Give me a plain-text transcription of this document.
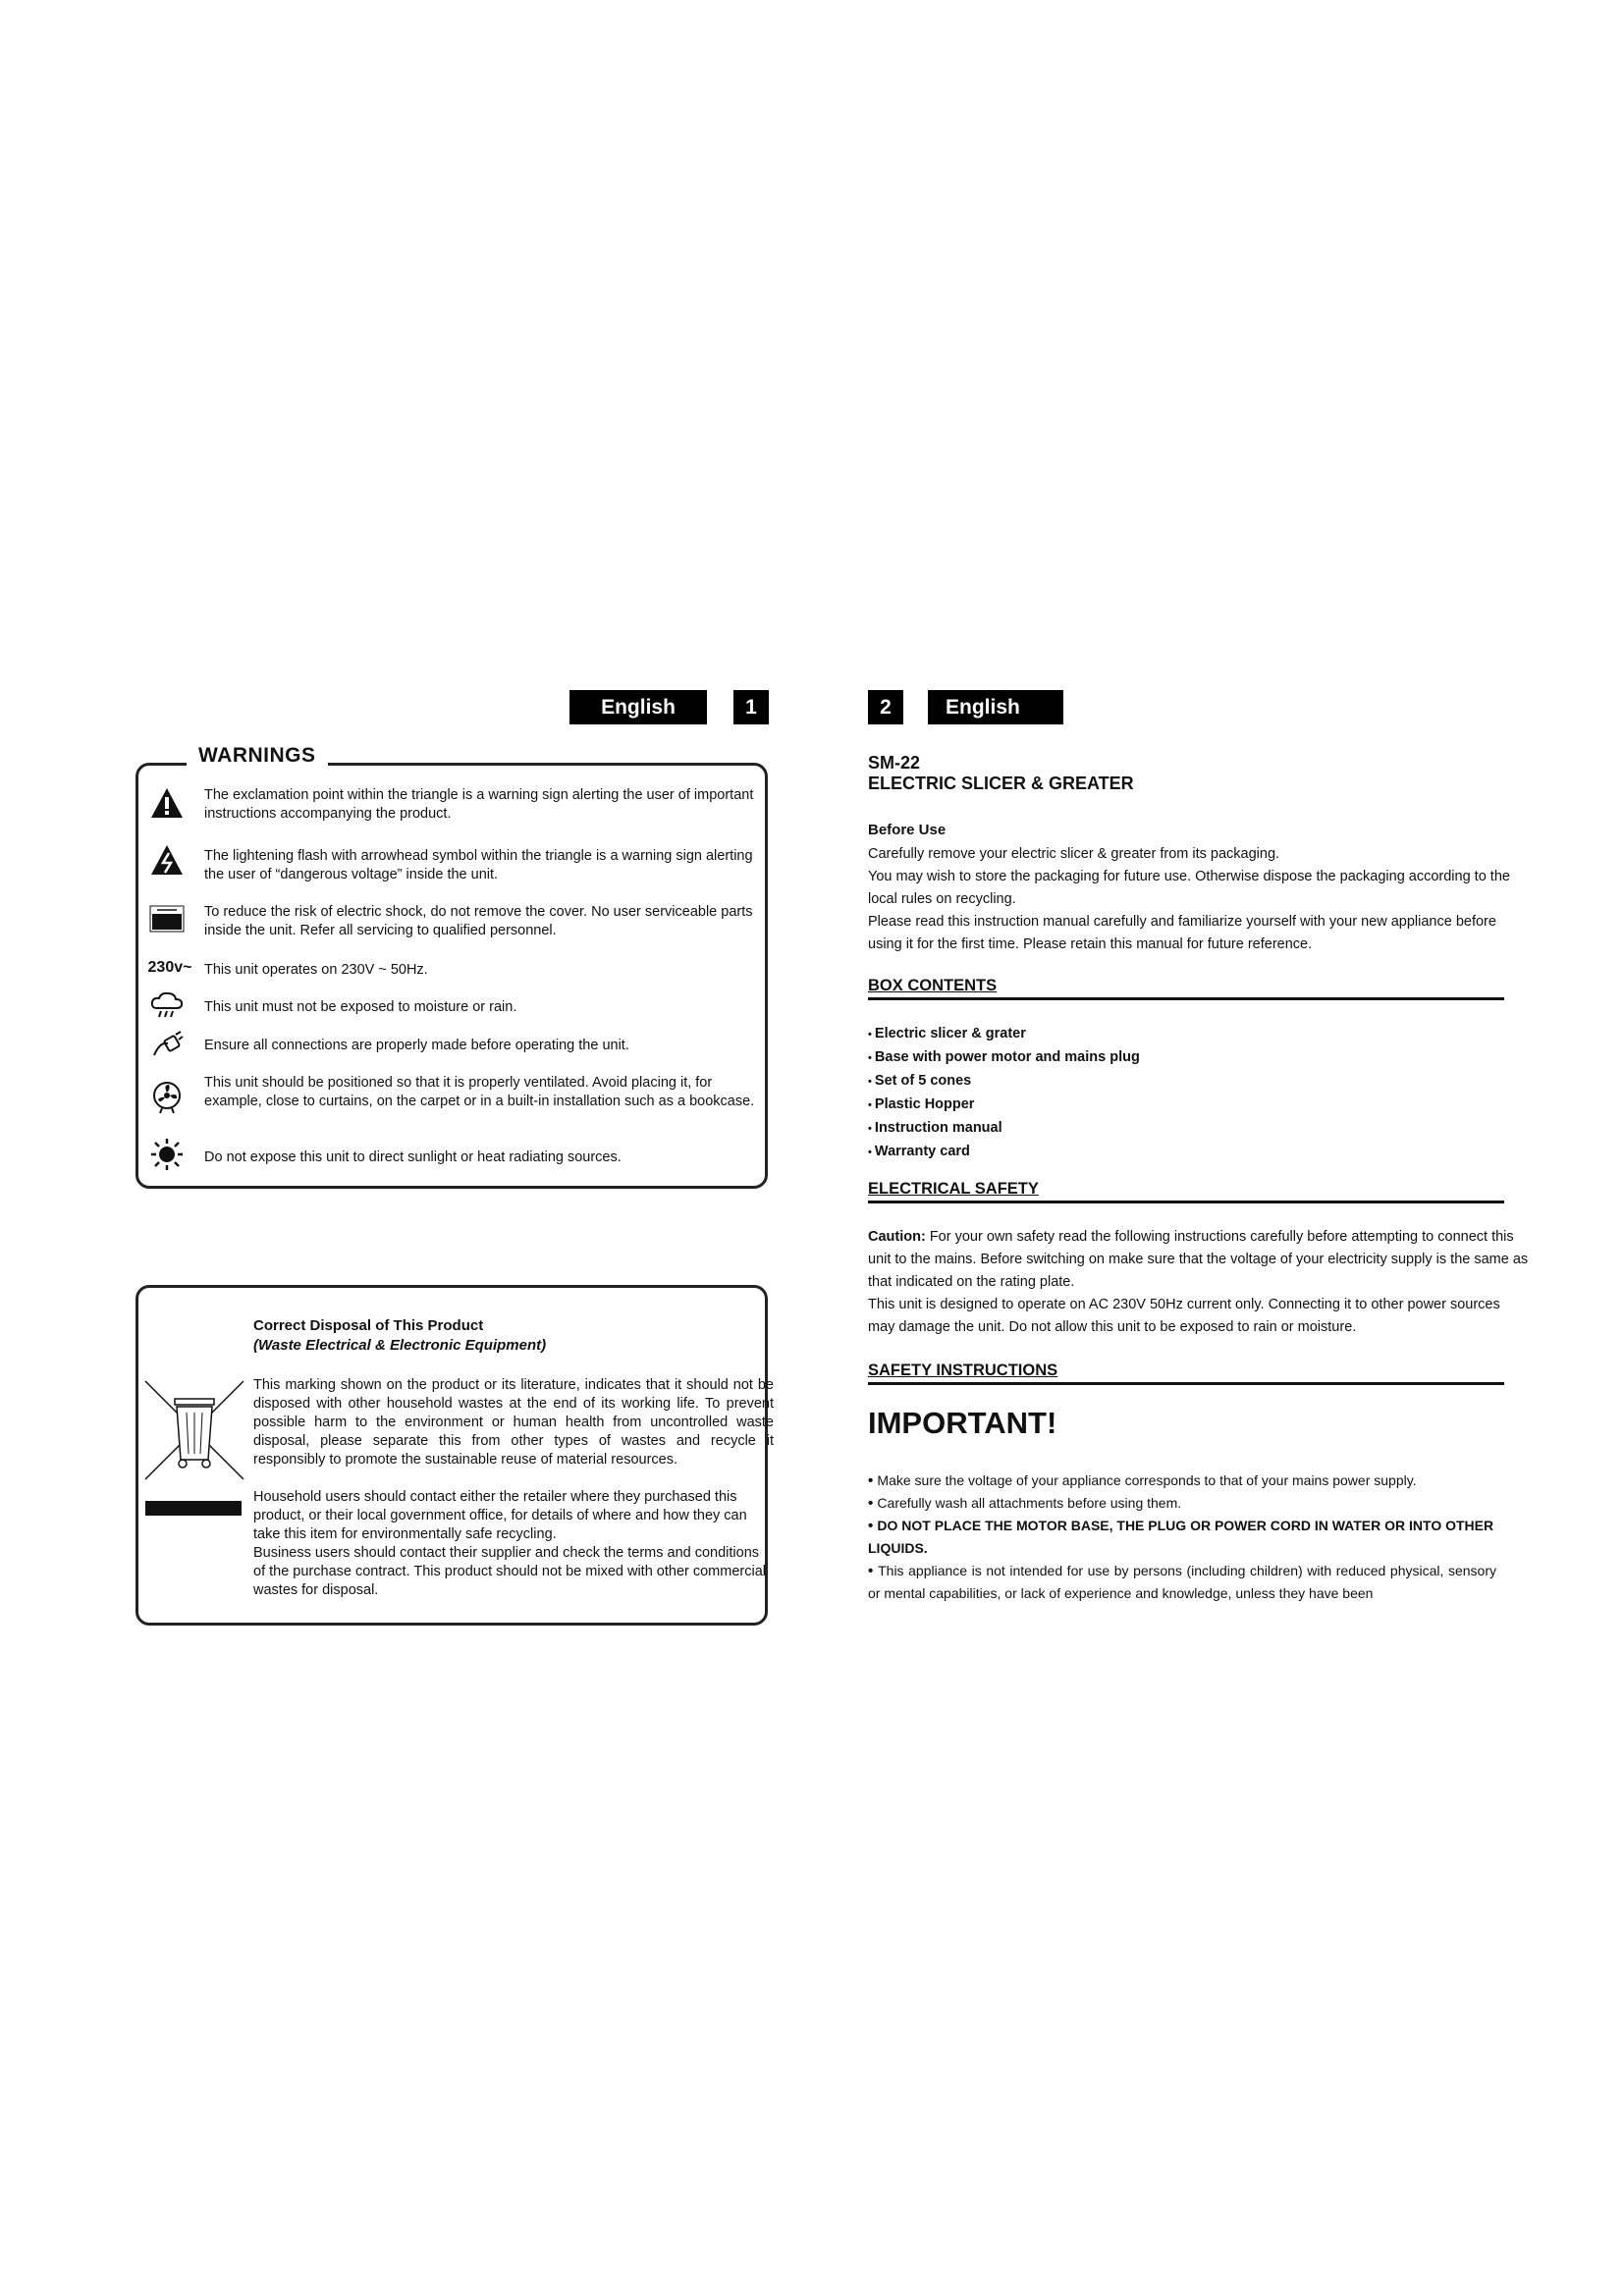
English	1
WARNINGS
230v~
The exclamation point within the triangle is a warning sign alerting the user of important instructions accompanying the product.
The lightening flash with arrowhead symbol within the triangle is a warning sign alerting the user of “dangerous voltage” inside the unit.
To reduce the risk of electric shock, do not remove the cover. No user serviceable parts inside the unit. Refer all servicing to qualified personnel.
This unit operates on 230V ~ 50Hz.
This unit must not be exposed to moisture or rain.
Ensure all connections are properly made before operating the unit.
This unit should be positioned so that it is properly ventilated. Avoid placing it, for example, close to curtains, on the carpet or in a built-in installation such as a bookcase.
Do not expose this unit to direct sunlight or heat radiating sources.
Correct Disposal of This Product
(Waste Electrical & Electronic Equipment)
This marking shown on the product or its literature, indicates that it should not be disposed with other household wastes at the end of its working life. To prevent possible harm to the environment or human health from uncontrolled waste disposal, please separate this from other types of wastes and recycle it responsibly to promote the sustainable reuse of material resources.
Household users should contact either the retailer where they purchased this product, or their local government office, for details of where and how they can take this item for environmentally safe recycling.
Business users should contact their supplier and check the terms and conditions of the purchase contract. This product should not be mixed with other commercial wastes for disposal.
2	English
SM-22
ELECTRIC SLICER & GREATER
Before Use
Carefully remove your electric slicer & greater from its packaging.
You may wish to store the packaging for future use. Otherwise dispose the packaging according to the local rules on recycling.
Please read this instruction manual carefully and familiarize yourself with your new appliance before using it for the first time. Please retain this manual for future reference.
BOX CONTENTS
• Electric slicer & grater
• Base with power motor and mains plug
• Set of 5 cones
• Plastic Hopper
• Instruction manual
• Warranty card
ELECTRICAL SAFETY
Caution: For your own safety read the following instructions carefully before attempting to connect this unit to the mains. Before switching on make sure that the voltage of your electricity supply is the same as that indicated on the rating plate.
This unit is designed to operate on AC 230V 50Hz current only. Connecting it to other power sources may damage the unit. Do not allow this unit to be exposed to rain or moisture.
SAFETY INSTRUCTIONS
IMPORTANT!
• Make sure the voltage of your appliance corresponds to that of your mains power supply.
• Carefully wash all attachments before using them.
• DO NOT PLACE THE MOTOR BASE, THE PLUG OR POWER CORD IN WATER OR INTO OTHER LIQUIDS.
• This appliance is not intended for use by persons (including children) with reduced physical, sensory or mental capabilities, or lack of experience and knowledge, unless they have been
